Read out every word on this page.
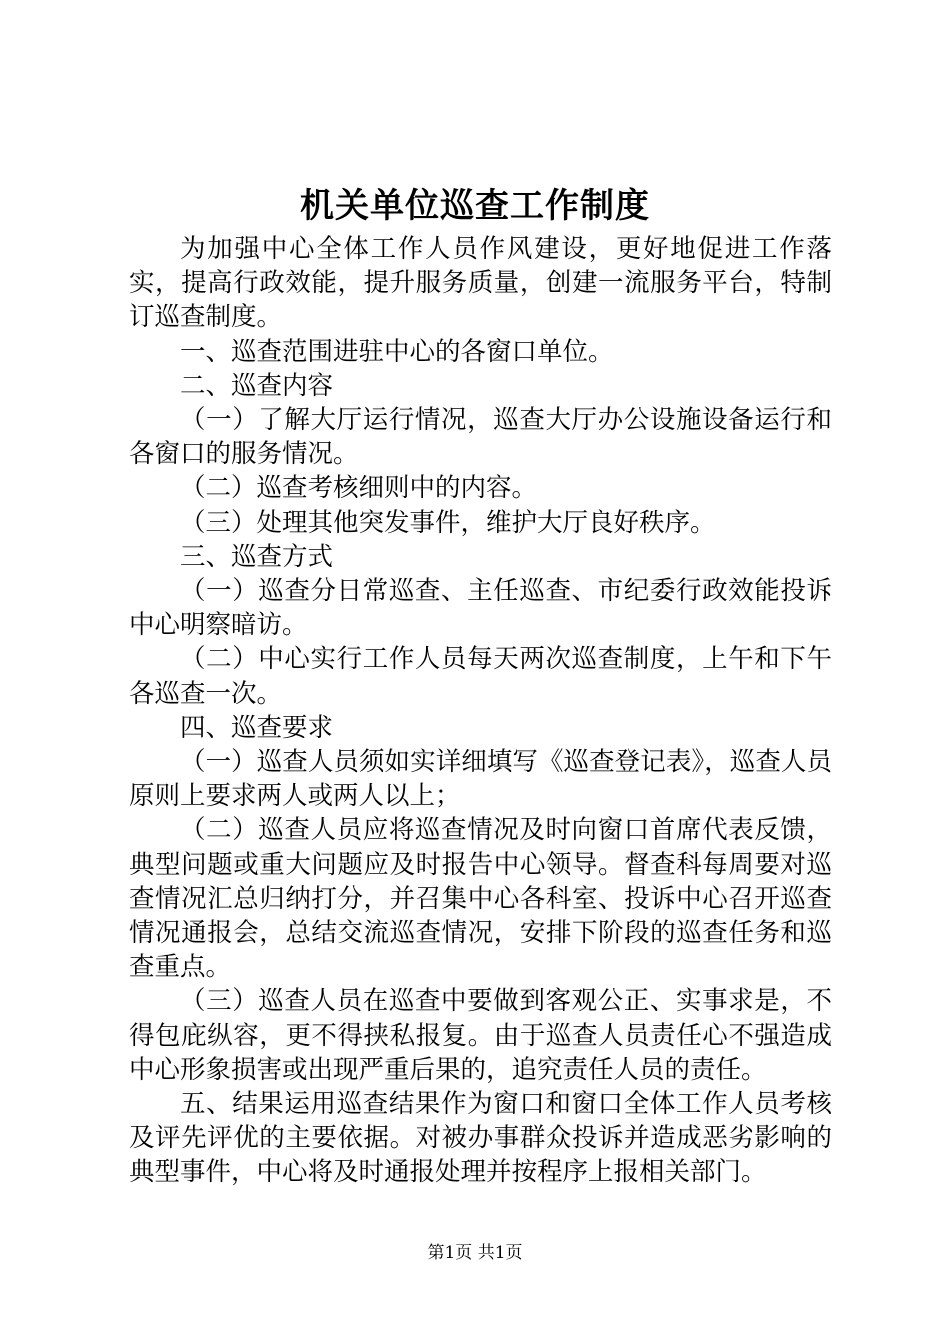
机关单位巡查工作制度

为加强中心全体工作人员作风建设，更好地促进工作落实，提高行政效能，提升服务质量，创建一流服务平台，特制订巡查制度。

一、巡查范围进驻中心的各窗口单位。

二、巡查内容

（一）了解大厅运行情况，巡查大厅办公设施设备运行和各窗口的服务情况。

（二）巡查考核细则中的内容。

（三）处理其他突发事件，维护大厅良好秩序。

三、巡查方式

（一）巡查分日常巡查、主任巡查、市纪委行政效能投诉中心明察暗访。

（二）中心实行工作人员每天两次巡查制度，上午和下午各巡查一次。

四、巡查要求

（一）巡查人员须如实详细填写《巡查登记表》，巡查人员原则上要求两人或两人以上；

（二）巡查人员应将巡查情况及时向窗口首席代表反馈，典型问题或重大问题应及时报告中心领导。督查科每周要对巡查情况汇总归纳打分，并召集中心各科室、投诉中心召开巡查情况通报会，总结交流巡查情况，安排下阶段的巡查任务和巡查重点。

（三）巡查人员在巡查中要做到客观公正、实事求是，不得包庇纵容，更不得挟私报复。由于巡查人员责任心不强造成中心形象损害或出现严重后果的，追究责任人员的责任。

五、结果运用巡查结果作为窗口和窗口全体工作人员考核及评先评优的主要依据。对被办事群众投诉并造成恶劣影响的典型事件，中心将及时通报处理并按程序上报相关部门。

第1页 共1页
